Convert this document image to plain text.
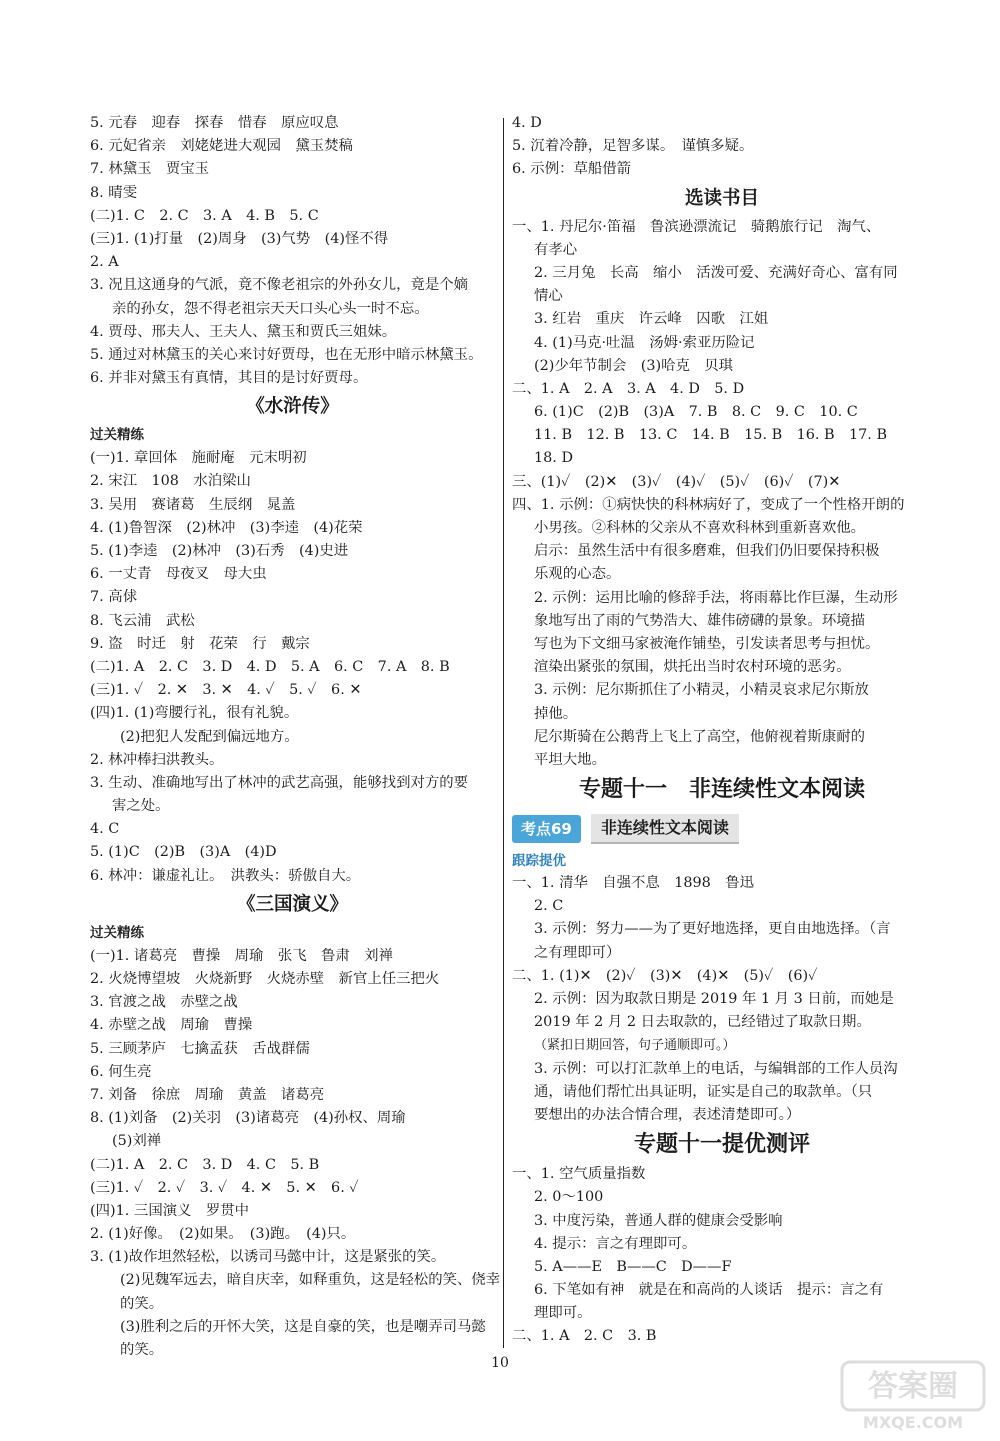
5. 元春　迎春　探春　惜春　原应叹息
6. 元妃省亲　刘姥姥进大观园　黛玉焚稿
7. 林黛玉　贾宝玉
8. 晴雯
(二)1. C　2. C　3. A　4. B　5. C
(三)1. (1)打量　(2)周身　(3)气势　(4)怪不得
2. A
3. 况且这通身的气派，竟不像老祖宗的外孙女儿，竟是个嫡
亲的孙女，怨不得老祖宗天天口头心头一时不忘。
4. 贾母、邢夫人、王夫人、黛玉和贾氏三姐妹。
5. 通过对林黛玉的关心来讨好贾母，也在无形中暗示林黛玉。
6. 并非对黛玉有真情，其目的是讨好贾母。
《水浒传》
过关精练
(一)1. 章回体　施耐庵　元末明初
2. 宋江　108　水泊梁山
3. 吴用　赛诸葛　生辰纲　晁盖
4. (1)鲁智深　(2)林冲　(3)李逵　(4)花荣
5. (1)李逵　(2)林冲　(3)石秀　(4)史进
6. 一丈青　母夜叉　母大虫
7. 高俅
8. 飞云浦　武松
9. 盗　时迁　射　花荣　行　戴宗
(二)1. A　2. C　3. D　4. D　5. A　6. C　7. A　8. B
(三)1. ✓　2. ✕　3. ✕　4. ✓　5. ✓　6. ✕
(四)1. (1)弯腰行礼，很有礼貌。
(2)把犯人发配到偏远地方。
2. 林冲棒扫洪教头。
3. 生动、准确地写出了林冲的武艺高强，能够找到对方的要
害之处。
4. C
5. (1)C　(2)B　(3)A　(4)D
6. 林冲：谦虚礼让。　洪教头：骄傲自大。
《三国演义》
过关精练
(一)1. 诸葛亮　曹操　周瑜　张飞　鲁肃　刘禅
2. 火烧博望坡　火烧新野　火烧赤壁　新官上任三把火
3. 官渡之战　赤壁之战
4. 赤壁之战　周瑜　曹操
5. 三顾茅庐　七擒孟获　舌战群儒
6. 何生亮
7. 刘备　徐庶　周瑜　黄盖　诸葛亮
8. (1)刘备　(2)关羽　(3)诸葛亮　(4)孙权、周瑜
(5)刘禅
(二)1. A　2. C　3. D　4. C　5. B
(三)1. ✓　2. ✓　3. ✓　4. ✕　5. ✕　6. ✓
(四)1. 三国演义　罗贯中
2. (1)好像。　(2)如果。　(3)跑。　(4)只。
3. (1)故作坦然轻松，以诱司马懿中计，这是紧张的笑。
(2)见魏军远去，暗自庆幸，如释重负，这是轻松的笑、侥幸
的笑。
(3)胜利之后的开怀大笑，这是自豪的笑，也是嘲弄司马懿
的笑。
4. D
5. 沉着冷静，足智多谋。　谨慎多疑。
6. 示例：草船借箭
选读书目
一、1. 丹尼尔·笛福　鲁滨逊漂流记　骑鹅旅行记　淘气、
有孝心
2. 三月兔　长高　缩小　活泼可爱、充满好奇心、富有同
情心
3. 红岩　重庆　许云峰　囚歌　江姐
4. (1)马克·吐温　汤姆·索亚历险记
(2)少年节制会　(3)哈克　贝琪
二、1. A　2. A　3. A　4. D　5. D
6. (1)C　(2)B　(3)A　7. B　8. C　9. C　10. C
11. B　12. B　13. C　14. B　15. B　16. B　17. B
18. D
三、(1)✓　(2)✕　(3)✓　(4)✓　(5)✓　(6)✓　(7)✕
四、1. 示例：①病快快的科林病好了，变成了一个性格开朗的
小男孩。②科林的父亲从不喜欢科林到重新喜欢他。
启示：虽然生活中有很多磨难，但我们仍旧要保持积极
乐观的心态。
2. 示例：运用比喻的修辞手法，将雨幕比作巨瀑，生动形
象地写出了雨的气势浩大、雄伟磅礴的景象。环境描
写也为下文细马家被淹作铺垫，引发读者思考与担忧。
渲染出紧张的氛围，烘托出当时农村环境的恶劣。
3. 示例：尼尔斯抓住了小精灵，小精灵哀求尼尔斯放
掉他。
尼尔斯骑在公鹅背上飞上了高空，他俯视着斯康耐的
平坦大地。
专题十一　非连续性文本阅读
考点69	非连续性文本阅读
跟踪提优
一、1. 清华　自强不息　1898　鲁迅
2. C
3. 示例：努力——为了更好地选择，更自由地选择。（言
之有理即可）
二、1. (1)✕　(2)✓　(3)✕　(4)✕　(5)✓　(6)✓
2. 示例：因为取款日期是 2019 年 1 月 3 日前，而她是
2019 年 2 月 2 日去取款的，已经错过了取款日期。
（紧扣日期回答，句子通顺即可。）
3. 示例：可以打汇款单上的电话，与编辑部的工作人员沟
通，请他们帮忙出具证明，证实是自己的取款单。（只
要想出的办法合情合理，表述清楚即可。）
专题十一提优测评
一、1. 空气质量指数
2. 0～100
3. 中度污染，普通人群的健康会受影响
4. 提示：言之有理即可。
5. A——E　B——C　D——F
6. 下笔如有神　就是在和高尚的人谈话　提示：言之有
理即可。
二、1. A　2. C　3. B
10
答案圈
MXQE.COM
